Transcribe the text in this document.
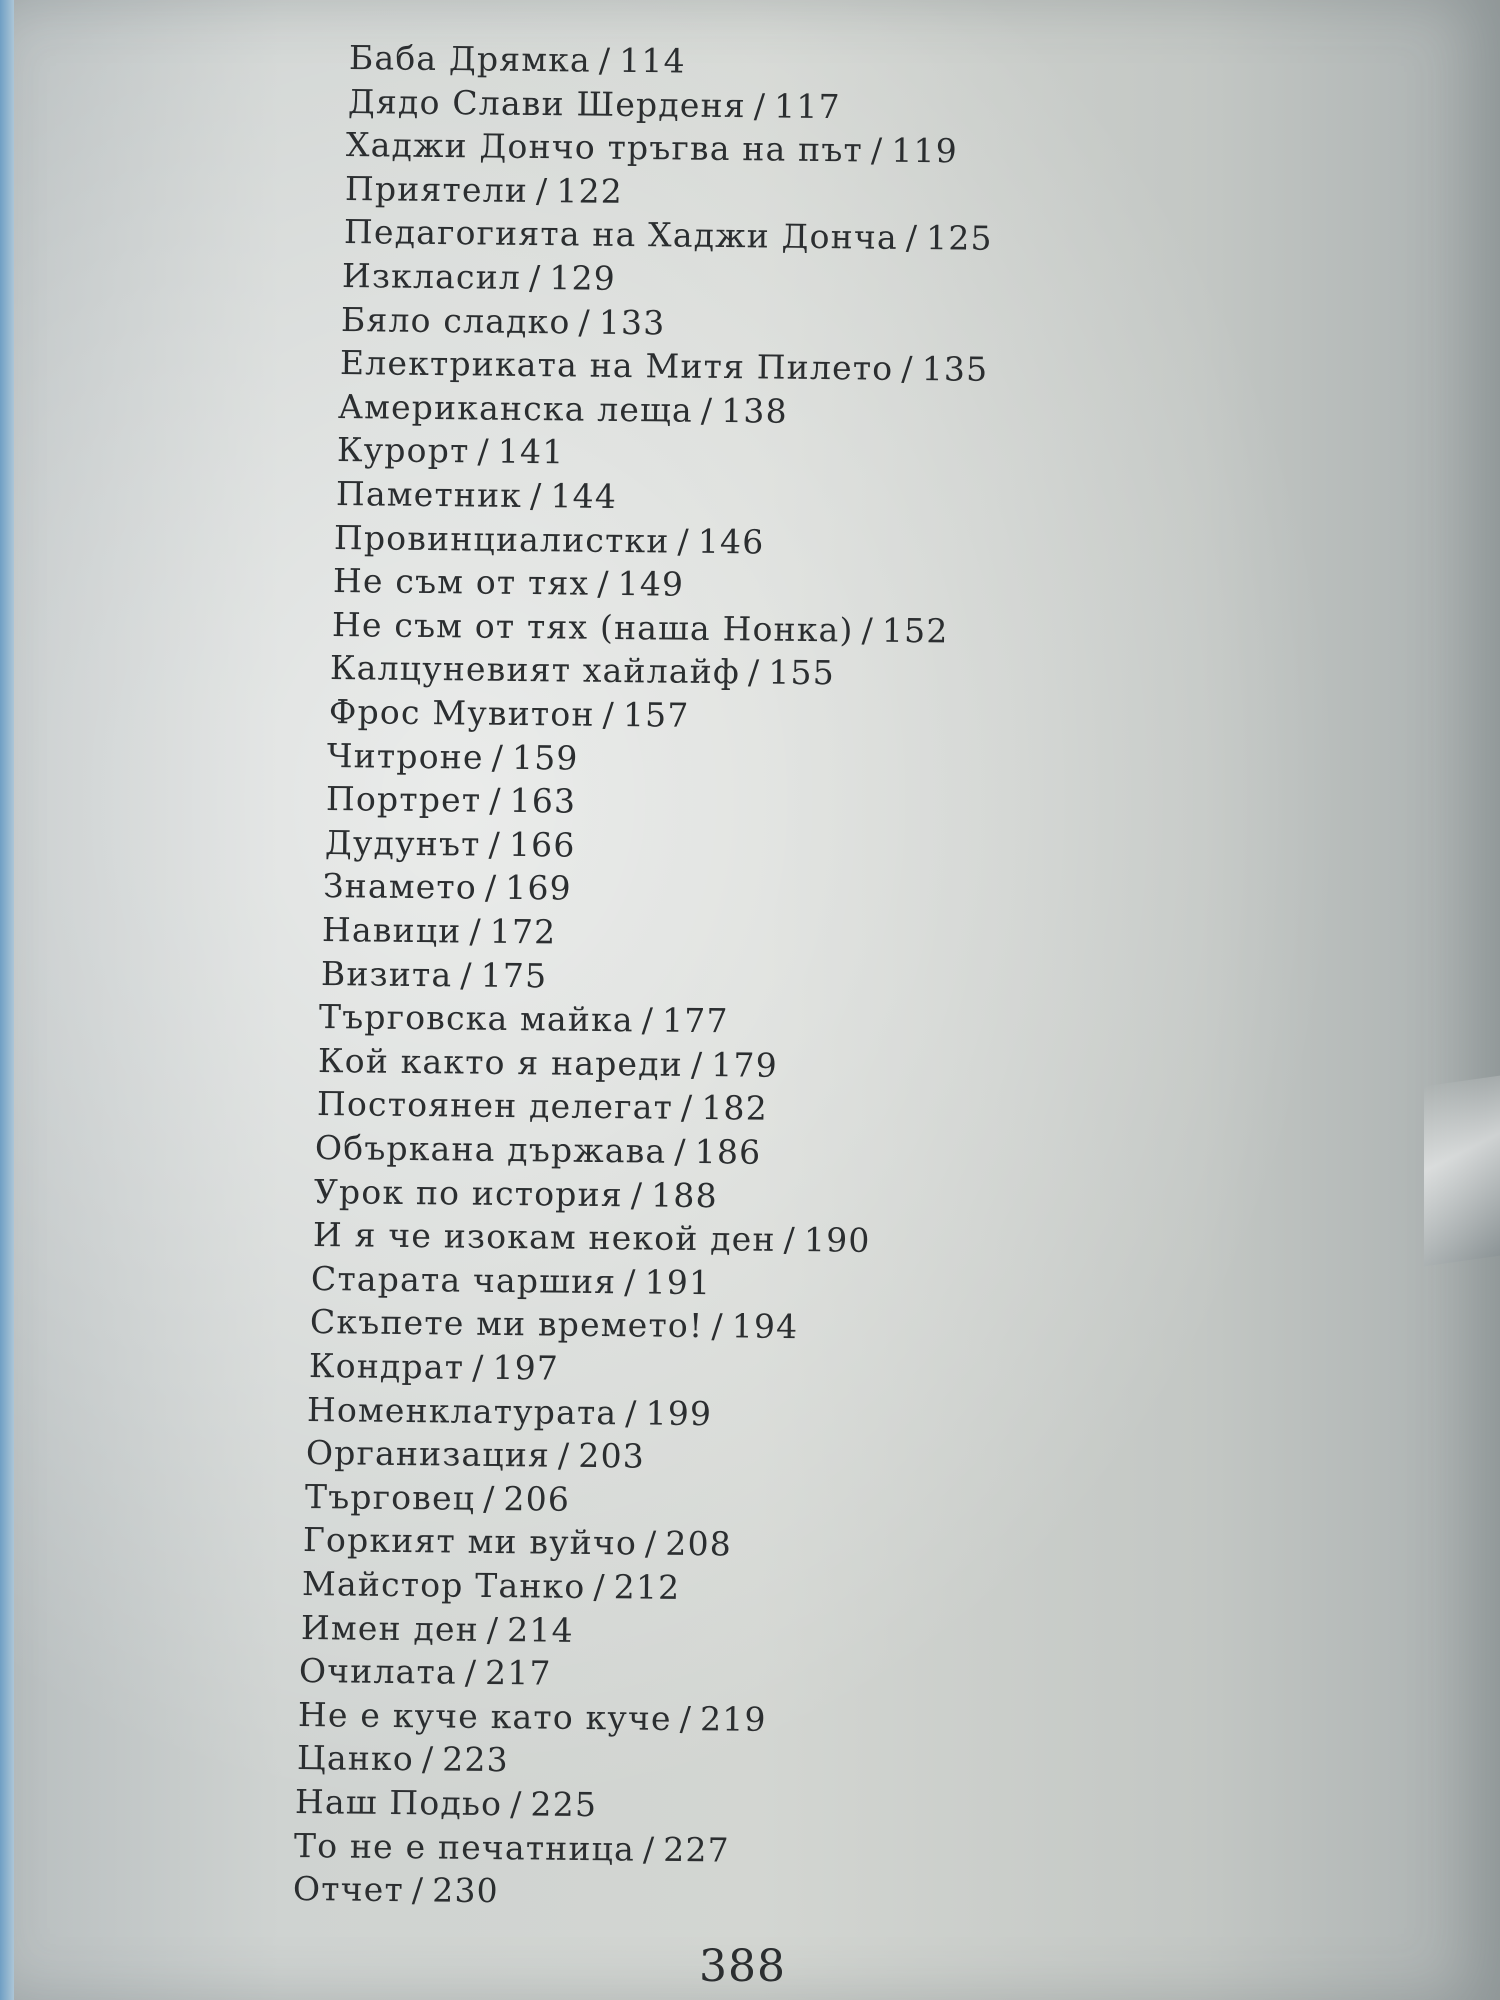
Баба Дрямка / 114
Дядо Слави Шерденя / 117
Хаджи Дончо тръгва на път / 119
Приятели / 122
Педагогията на Хаджи Дончa / 125
Изкласил / 129
Бяло сладко / 133
Електриката на Митя Пилето / 135
Американска леща / 138
Курорт / 141
Паметник / 144
Провинциалистки / 146
Не съм от тях / 149
Не съм от тях (наша Нонка) / 152
Калцуневият хайлайф / 155
Фрос Мувитон / 157
Читроне / 159
Портрет / 163
Дудунът / 166
Знамето / 169
Навици / 172
Визита / 175
Търговска майка / 177
Кой както я нареди / 179
Постоянен делегат / 182
Объркана държава / 186
Урок по история / 188
И я че изокам некой ден / 190
Старата чаршия / 191
Скъпете ми времето! / 194
Кондрат / 197
Номенклатурата / 199
Организация / 203
Търговец / 206
Горкият ми вуйчо / 208
Майстор Танко / 212
Имен ден / 214
Очилата / 217
Не е куче като куче / 219
Цанко / 223
Наш Подьо / 225
То не е печатница / 227
Отчет / 230
388
